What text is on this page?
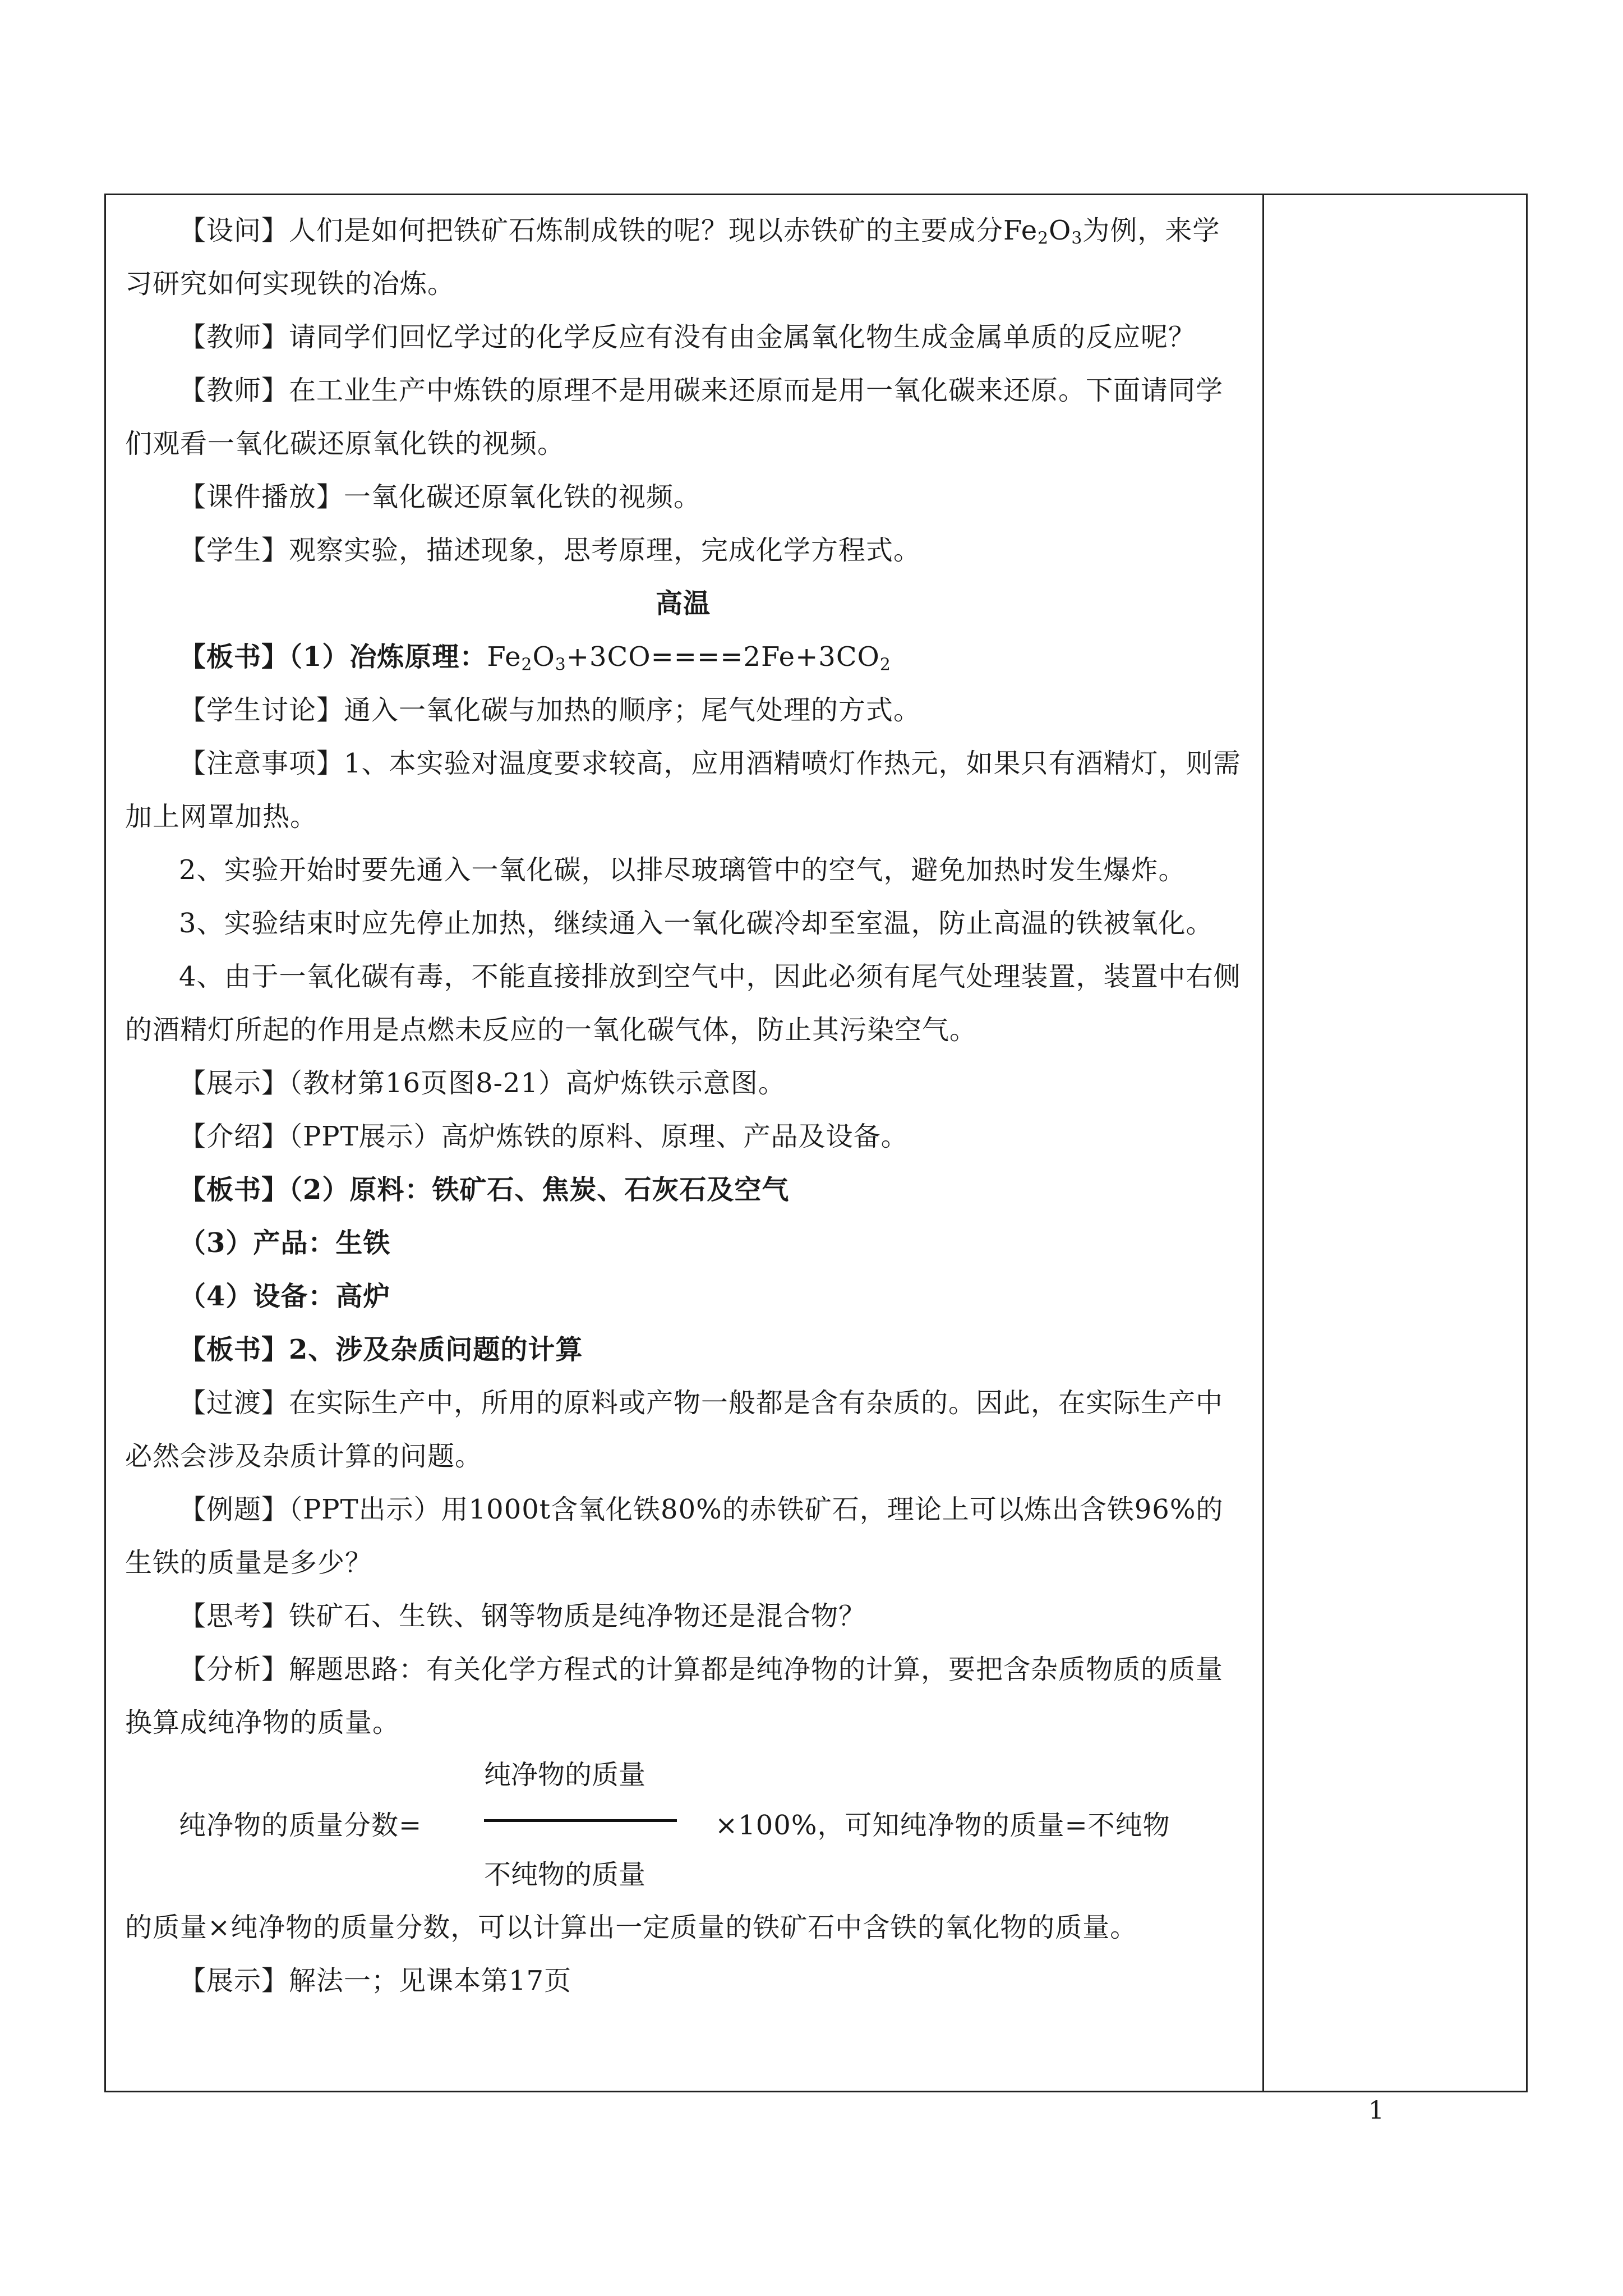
【设问】人们是如何把铁矿石炼制成铁的呢？现以赤铁矿的主要成分$Fe_2O_3$为例，来学习研究如何实现铁的冶炼。

【教师】请同学们回忆学过的化学反应有没有由金属氧化物生成金属单质的反应呢？

【教师】在工业生产中炼铁的原理不是用碳来还原而是用一氧化碳来还原。下面请同学们观看一氧化碳还原氧化铁的视频。

【课件播放】一氧化碳还原氧化铁的视频。

【学生】观察实验，描述现象，思考原理，完成化学方程式。

高温

【板书】（1）冶炼原理：$Fe_2O_3+3CO====2Fe+3CO_2$

【学生讨论】通入一氧化碳与加热的顺序；尾气处理的方式。

【注意事项】1、本实验对温度要求较高，应用酒精喷灯作热元，如果只有酒精灯，则需加上网罩加热。

2、实验开始时要先通入一氧化碳，以排尽玻璃管中的空气，避免加热时发生爆炸。

3、实验结束时应先停止加热，继续通入一氧化碳冷却至室温，防止高温的铁被氧化。

4、由于一氧化碳有毒，不能直接排放到空气中，因此必须有尾气处理装置，装置中右侧的酒精灯所起的作用是点燃未反应的一氧化碳气体，防止其污染空气。

【展示】（教材第16页图8-21）高炉炼铁示意图。

【介绍】（PPT展示）高炉炼铁的原料、原理、产品及设备。

【板书】（2）原料：铁矿石、焦炭、石灰石及空气

（3）产品：生铁

（4）设备：高炉

【板书】2、涉及杂质问题的计算

【过渡】在实际生产中，所用的原料或产物一般都是含有杂质的。因此，在实际生产中必然会涉及杂质计算的问题。

【例题】（PPT出示）用1000t含氧化铁80%的赤铁矿石，理论上可以炼出含铁96%的生铁的质量是多少？

【思考】铁矿石、生铁、钢等物质是纯净物还是混合物？

【分析】解题思路：有关化学方程式的计算都是纯净物的计算，要把含杂质物质的质量换算成纯净物的质量。

纯净物的质量
纯净物的质量分数=	×100%，可知纯净物的质量=不纯物
不纯物的质量

的质量×纯净物的质量分数，可以计算出一定质量的铁矿石中含铁的氧化物的质量。

【展示】解法一；见课本第17页

1
